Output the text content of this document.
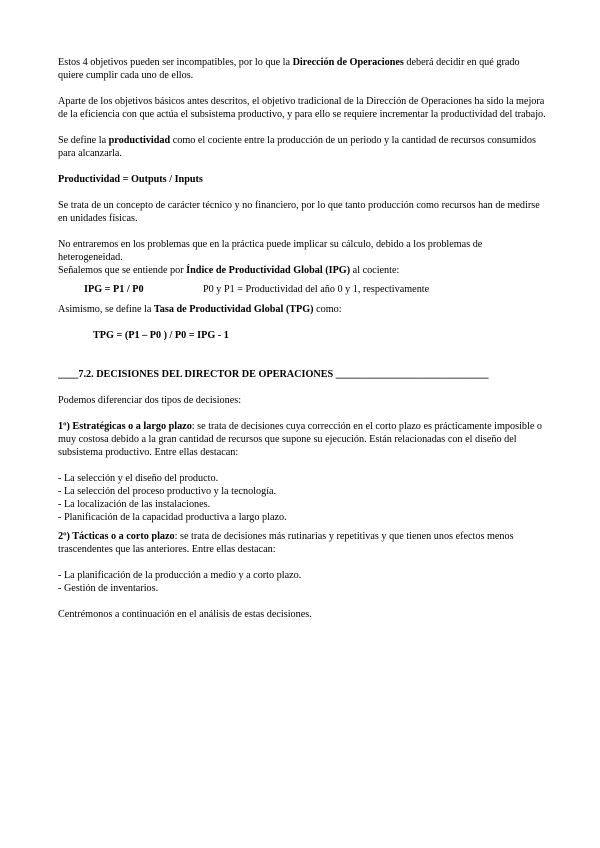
Estos 4 objetivos pueden ser incompatibles, por lo que la Dirección de Operaciones deberá decidir en qué grado quiere cumplir cada uno de ellos.

Aparte de los objetivos básicos antes descritos, el objetivo tradicional de la Dirección de Operaciones ha sido la mejora de la eficiencia con que actúa el subsistema productivo, y para ello se requiere incrementar la productividad del trabajo.

Se define la productividad como el cociente entre la producción de un periodo y la cantidad de recursos consumidos para alcanzarla.

Productividad = Outputs / Inputs

Se trata de un concepto de carácter técnico y no financiero, por lo que tanto producción como recursos han de medirse en unidades físicas.

No entraremos en los problemas que en la práctica puede implicar su cálculo, debido a los problemas de heterogeneidad.

Señalemos que se entiende por Índice de Productividad Global (IPG) al cociente:

IPG = P1 / P0	P0 y P1 = Productividad del año 0 y 1, respectivamente

Asimismo, se define la Tasa de Productividad Global (TPG) como:

TPG = (P1 – P0 ) / P0 = IPG - 1

____7.2. DECISIONES DEL DIRECTOR DE OPERACIONES ______________________________

Podemos diferenciar dos tipos de decisiones:

1º) Estratégicas o a largo plazo: se trata de decisiones cuya corrección en el corto plazo es prácticamente imposible o muy costosa debido a la gran cantidad de recursos que supone su ejecución. Están relacionadas con el diseño del subsistema productivo. Entre ellas destacan:

- La selección y el diseño del producto.

- La selección del proceso productivo y la tecnología.

- La localización de las instalaciones.

- Planificación de la capacidad productiva a largo plazo.

2º) Tácticas o a corto plazo: se trata de decisiones más rutinarias y repetitivas y que tienen unos efectos menos trascendentes que las anteriores. Entre ellas destacan:

- La planificación de la producción a medio y a corto plazo.

- Gestión de inventarios.

Centrémonos a continuación en el análisis de estas decisiones.
